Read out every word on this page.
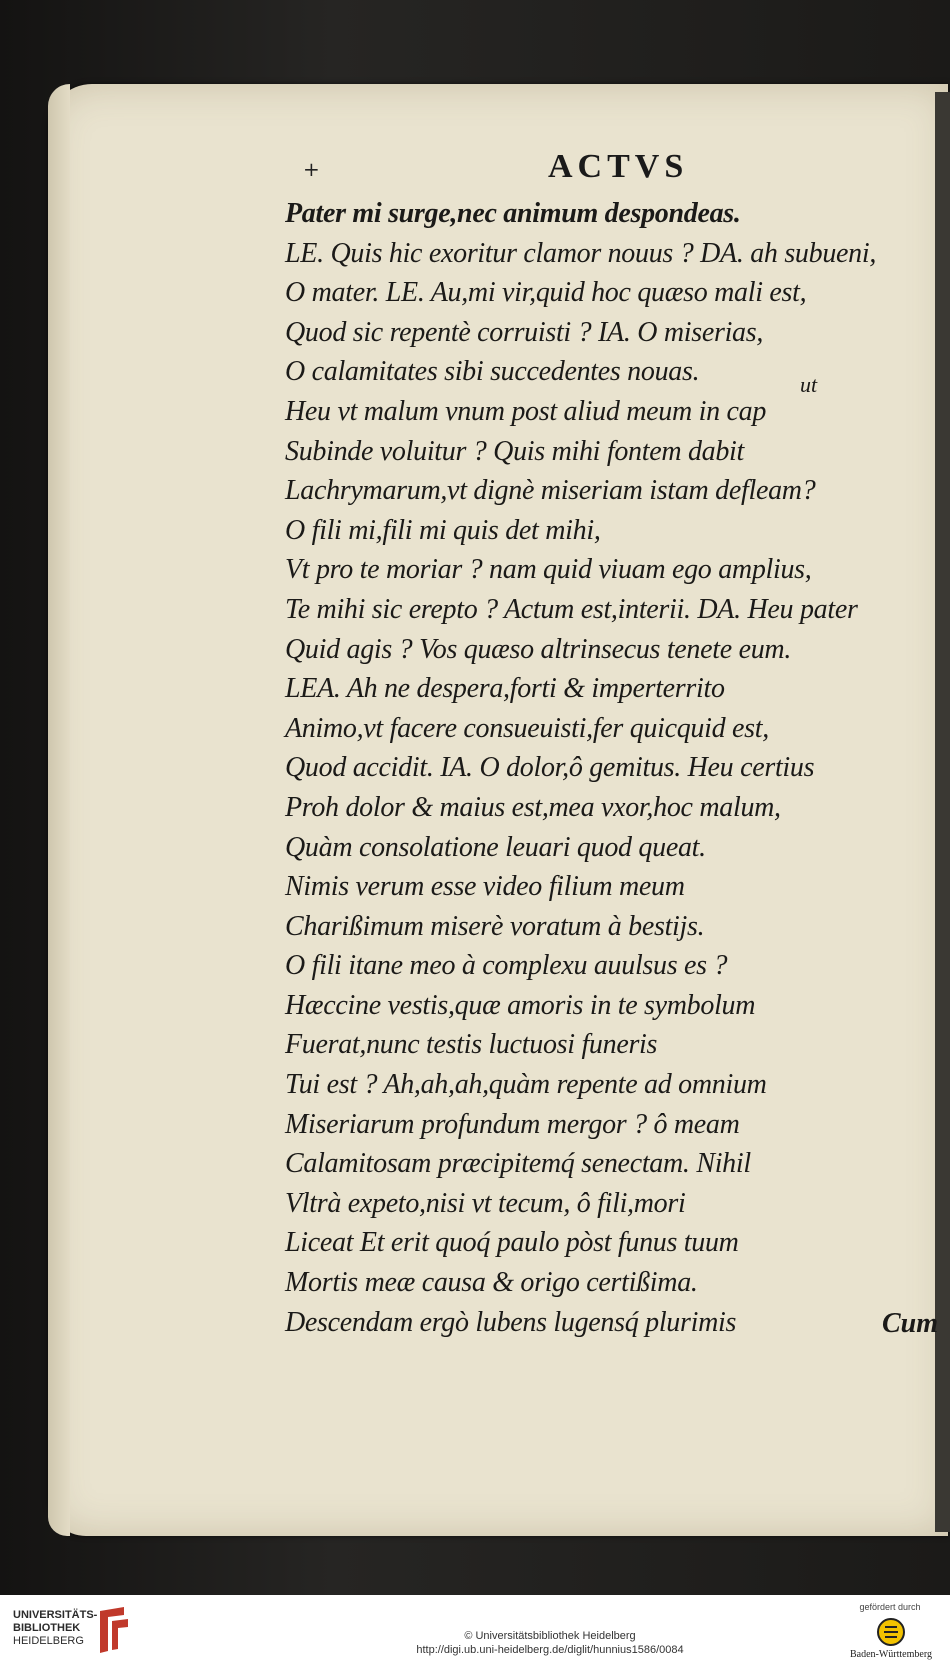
+	ACTVS
Pater mi surge,nec animum despondeas.
LE. Quis hic exoritur clamor nouus ? DA. ah subueni,
O mater. LE. Au,mi vir,quid hoc quæso mali est,
Quod sic repentè corruisti ? IA. O miserias,
O calamitates sibi succedentes nouas.
Heu vt malum vnum post aliud meum in cap
Subinde voluitur ? Quis mihi fontem dabit
Lachrymarum,vt dignè miseriam istam defleam?
O fili mi,fili mi quis det mihi,
Vt pro te moriar ? nam quid viuam ego amplius,
Te mihi sic erepto ? Actum est,interii. DA. Heu pater
Quid agis ? Vos quæso altrinsecus tenete eum.
LEA. Ah ne despera,forti & imperterrito
Animo,vt facere consueuisti,fer quicquid est,
Quod accidit. IA. O dolor,ô gemitus. Heu certius
Proh dolor & maius est,mea vxor,hoc malum,
Quàm consolatione leuari quod queat.
Nimis verum esse video filium meum
Charißimum miserè voratum à bestijs.
O fili itane meo à complexu auulsus es ?
Hæccine vestis,quæ amoris in te symbolum
Fuerat,nunc testis luctuosi funeris
Tui est ? Ah,ah,ah,quàm repente ad omnium
Miseriarum profundum mergor ? ô meam
Calamitosam præcipitemq́ senectam. Nihil
Vltrà expeto,nisi vt tecum, ô fili,mori
Liceat Et erit quoq́ paulo pòst funus tuum
Mortis meæ causa & origo certißima.
Descendam ergò lubens lugensq́ plurimis
ut
Cum
UNIVERSITÄTS-
BIBLIOTHEK
HEIDELBERG	© Universitätsbibliothek Heidelberg
http://digi.ub.uni-heidelberg.de/diglit/hunnius1586/0084
gefördert durch
Baden-Württemberg
